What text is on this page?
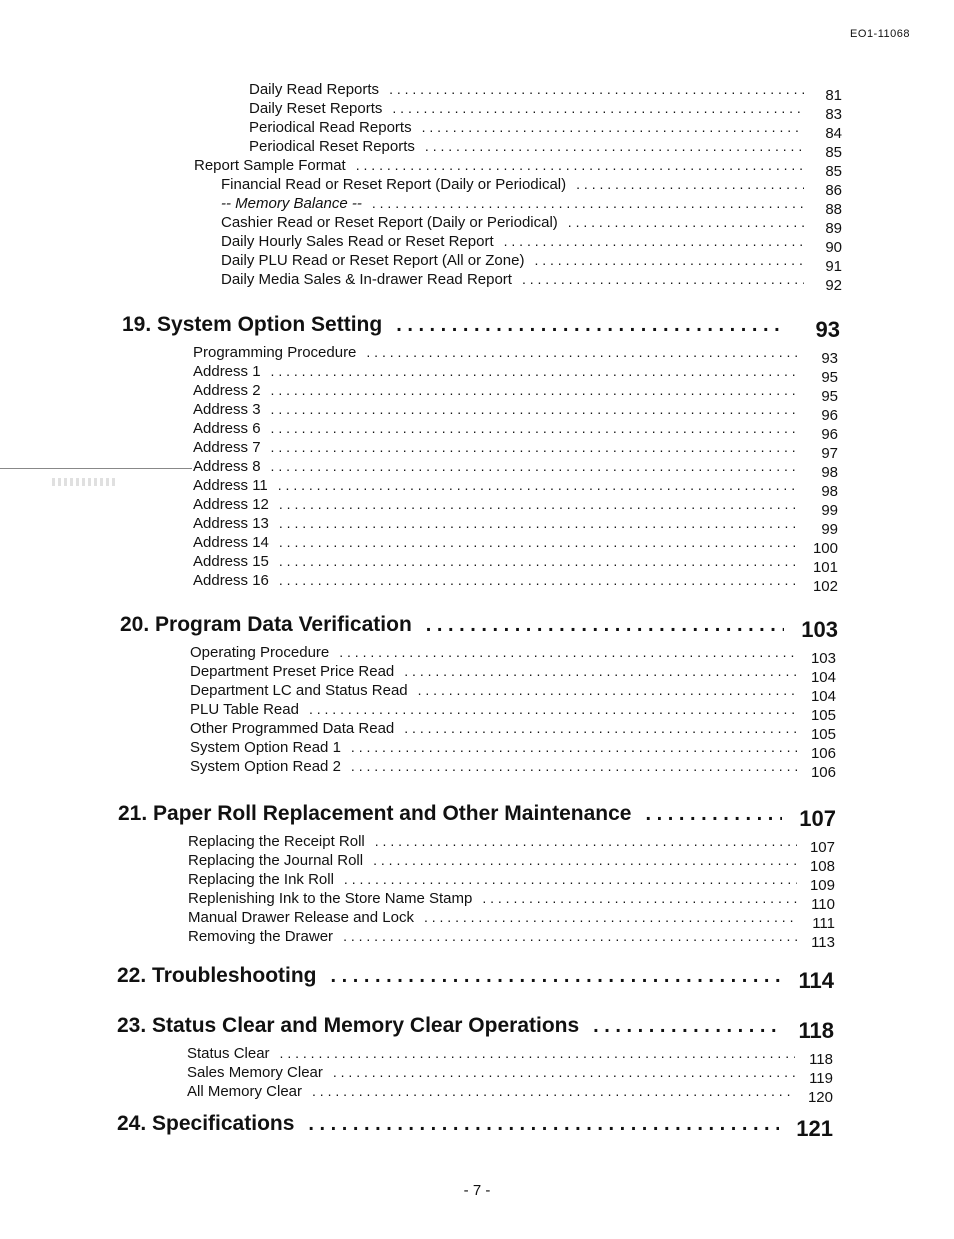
EO1-11068
Daily Read Reports . . .	81
Daily Reset Reports . . .	83
Periodical Read Reports . . .	84
Periodical Reset Reports . . .	85
Report Sample Format . . .	85
Financial Read or Reset Report (Daily or Periodical) . . .	86
-- Memory Balance -- . . .	88
Cashier Read or Reset Report (Daily or Periodical) . . .	89
Daily Hourly Sales Read or Reset Report . . .	90
Daily PLU Read or Reset Report (All or Zone) . . .	91
Daily Media Sales & In-drawer Read Report . . .	92
19. System Option Setting . . .	93
Programming Procedure . . .	93
Address 1 . . .	95
Address 2 . . .	95
Address 3 . . .	96
Address 6 . . .	96
Address 7 . . .	97
Address 8 . . .	98
Address 11 . . .	98
Address 12 . . .	99
Address 13 . . .	99
Address 14 . . .	100
Address 15 . . .	101
Address 16 . . .	102
20. Program Data Verification . . .	103
Operating Procedure . . .	103
Department Preset Price Read . . .	104
Department LC and Status Read . . .	104
PLU Table Read . . .	105
Other Programmed Data Read . . .	105
System Option Read 1 . . .	106
System Option Read 2 . . .	106
21. Paper Roll Replacement and Other Maintenance . . .	107
Replacing the Receipt Roll . . .	107
Replacing the Journal Roll . . .	108
Replacing the Ink Roll . . .	109
Replenishing Ink to the Store Name Stamp . . .	110
Manual Drawer Release and Lock . . .	111
Removing the Drawer . . .	113
22. Troubleshooting . . .	114
23. Status Clear and Memory Clear Operations . . .	118
Status Clear . . .	118
Sales Memory Clear . . .	119
All Memory Clear . . .	120
24. Specifications . . .	121
- 7 -
